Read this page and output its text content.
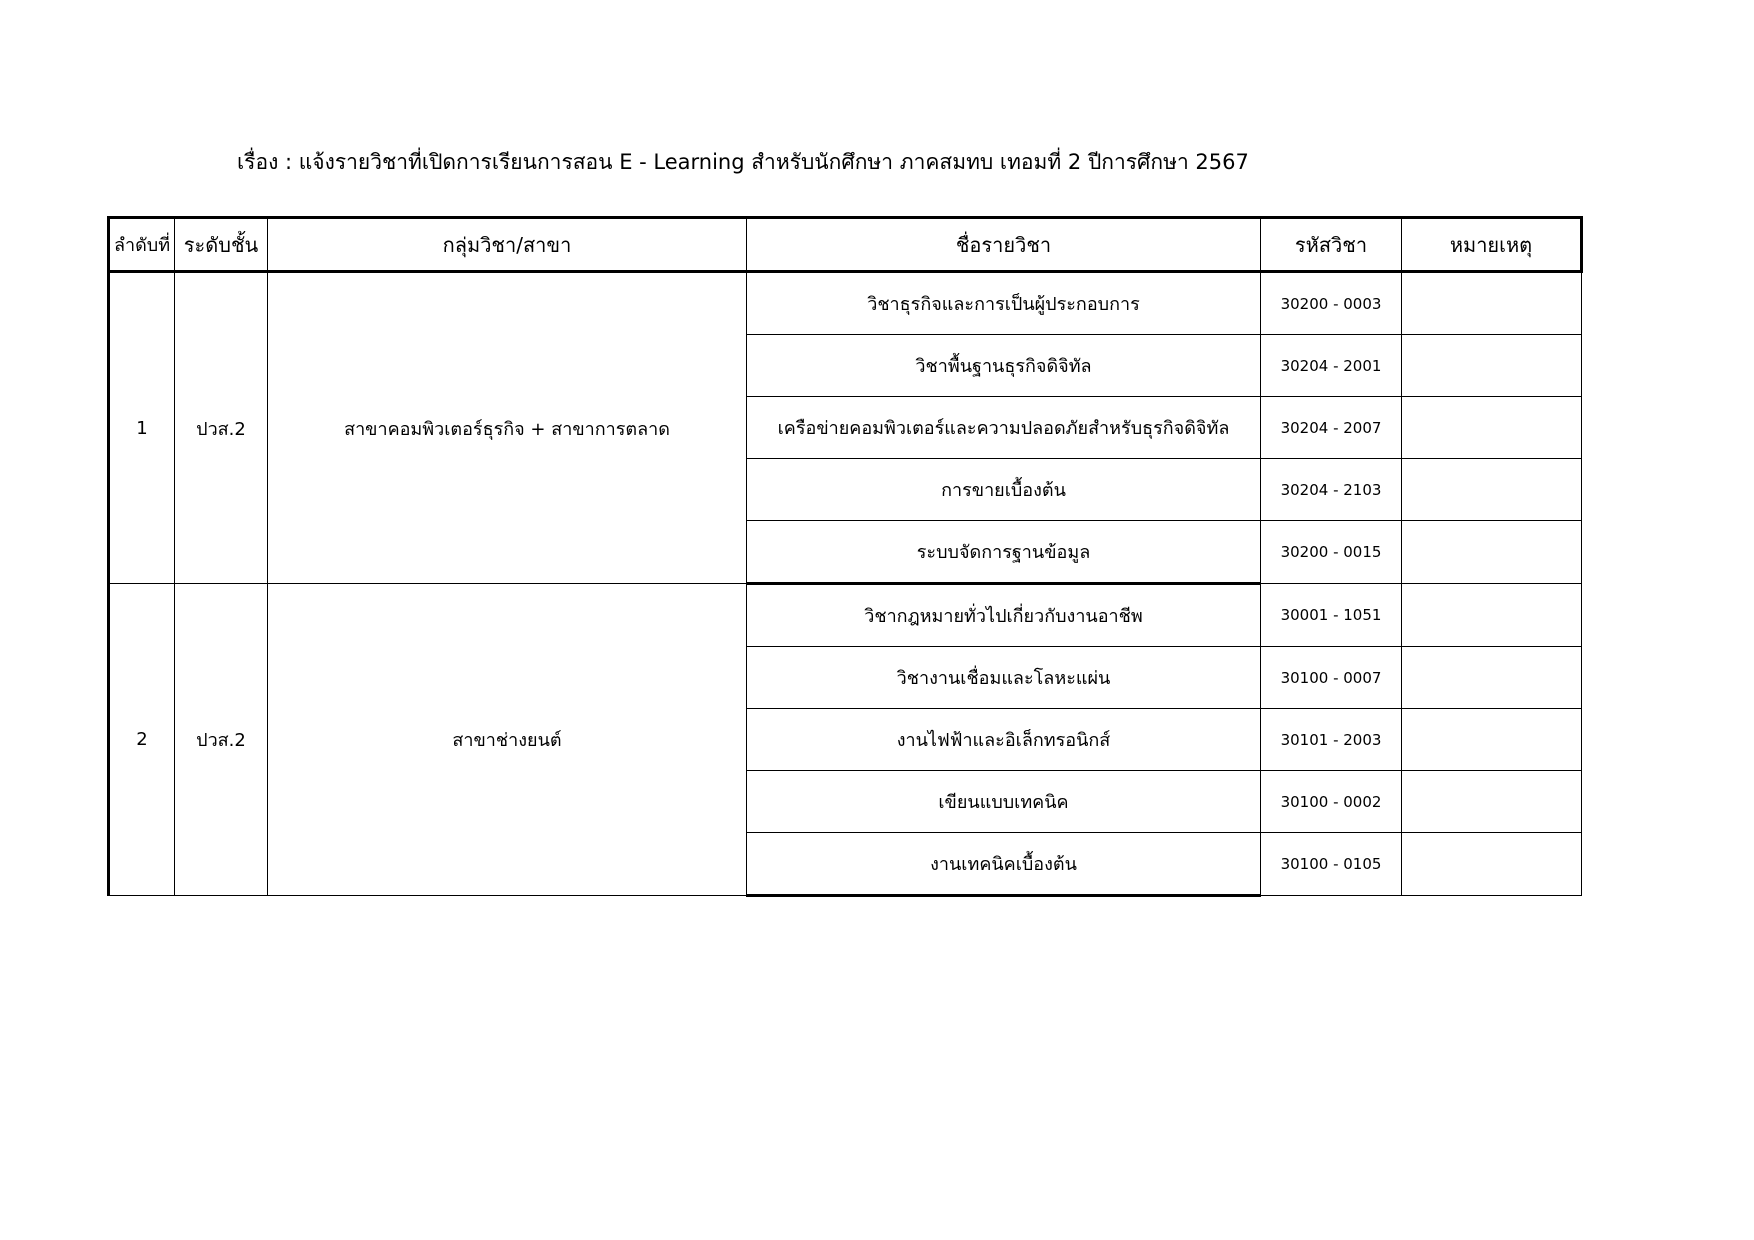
เรื่อง : แจ้งรายวิชาที่เปิดการเรียนการสอน E - Learning สำหรับนักศึกษา ภาคสมทบ เทอมที่ 2 ปีการศึกษา 2567
ลำดับที่	ระดับชั้น	กลุ่มวิชา/สาขา	ชื่อรายวิชา	รหัสวิชา	หมายเหตุ
1	ปวส.2	สาขาคอมพิวเตอร์ธุรกิจ + สาขาการตลาด	วิชาธุรกิจและการเป็นผู้ประกอบการ	30200 - 0003	
			วิชาพื้นฐานธุรกิจดิจิทัล	30204 - 2001	
			เครือข่ายคอมพิวเตอร์และความปลอดภัยสำหรับธุรกิจดิจิทัล	30204 - 2007	
			การขายเบื้องต้น	30204 - 2103	
			ระบบจัดการฐานข้อมูล	30200 - 0015	
2	ปวส.2	สาขาช่างยนต์	วิชากฎหมายทั่วไปเกี่ยวกับงานอาชีพ	30001 - 1051	
			วิชางานเชื่อมและโลหะแผ่น	30100 - 0007	
			งานไฟฟ้าและอิเล็กทรอนิกส์	30101 - 2003	
			เขียนแบบเทคนิค	30100 - 0002	
			งานเทคนิคเบื้องต้น	30100 - 0105	
